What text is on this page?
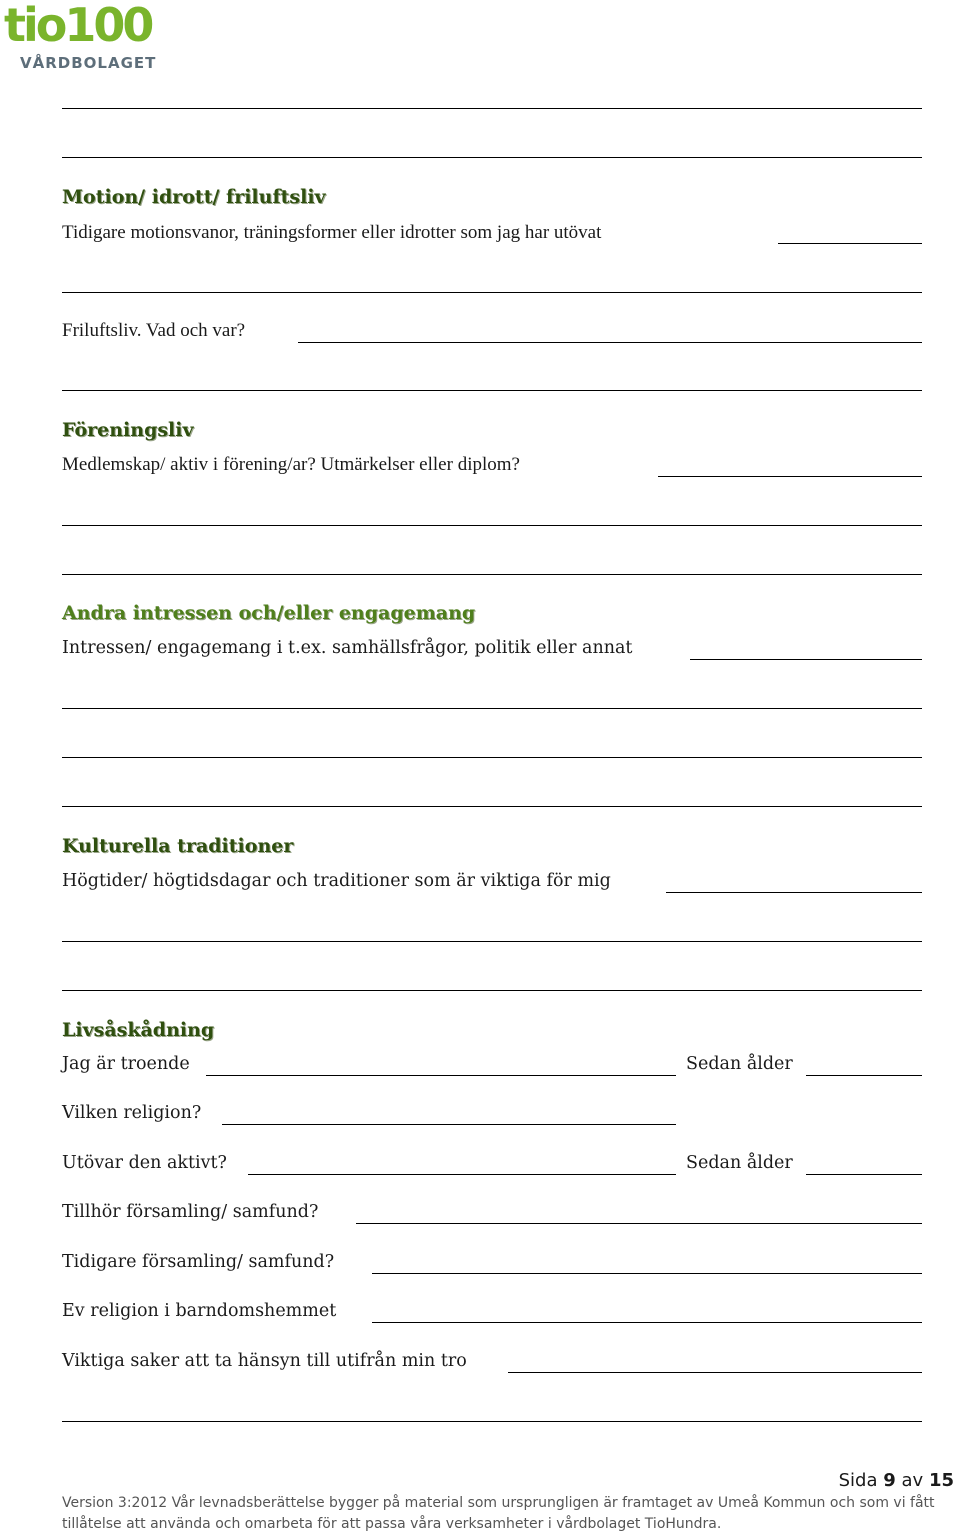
tio100
VÅRDBOLAGET
Motion/ idrott/ friluftsliv
Tidigare motionsvanor, träningsformer eller idrotter som jag har utövat
Friluftsliv. Vad och var?
Föreningsliv
Medlemskap/ aktiv i förening/ar? Utmärkelser eller diplom?
Andra intressen och/eller engagemang
Intressen/ engagemang i t.ex. samhällsfrågor, politik eller annat
Kulturella traditioner
Högtider/ högtidsdagar och traditioner som är viktiga för mig
Livsåskådning
Jag är troende	Sedan ålder
Vilken religion?
Utövar den aktivt?	Sedan ålder
Tillhör församling/ samfund?
Tidigare församling/ samfund?
Ev religion i barndomshemmet
Viktiga saker att ta hänsyn till utifrån min tro
Sida 9 av 15
Version 3:2012 Vår levnadsberättelse bygger på material som ursprungligen är framtaget av Umeå Kommun och som vi fått
tillåtelse att använda och omarbeta för att passa våra verksamheter i vårdbolaget TioHundra.
